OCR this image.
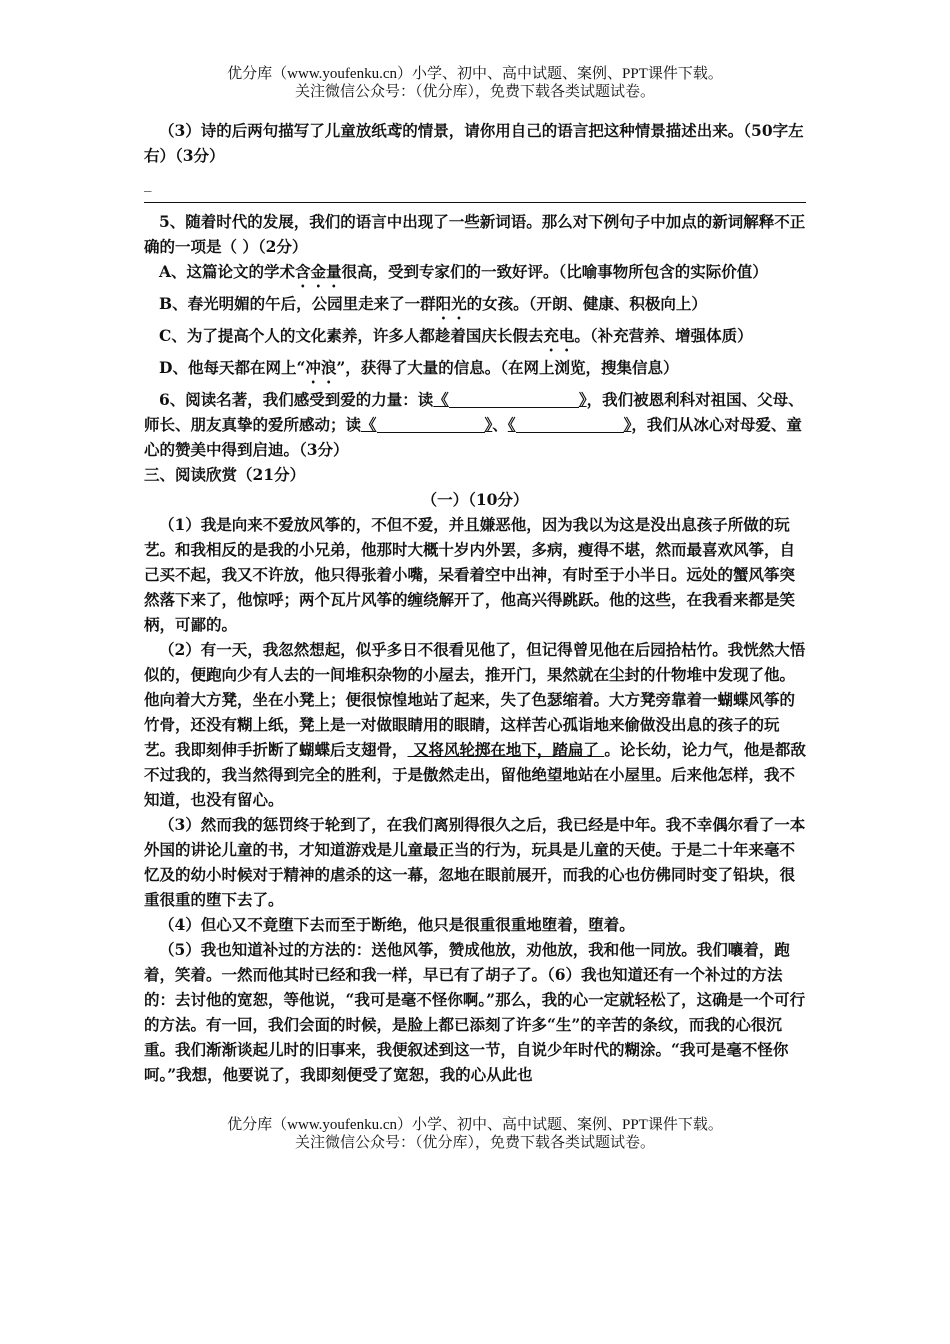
优分库（www.youfenku.cn）小学、初中、高中试题、案例、PPT课件下载。
关注微信公众号：（优分库），免费下载各类试题试卷。

（3）诗的后两句描写了儿童放纸鸢的情景，请你用自己的语言把这种情景描述出来。（50字左右）（3分）

_

5、随着时代的发展，我们的语言中出现了一些新词语。那么对下例句子中加点的新词解释不正确的一项是（ ）（2分）

A、这篇论文的学术含金量很高，受到专家们的一致好评。（比喻事物所包含的实际价值）

B、春光明媚的午后，公园里走来了一群阳光的女孩。（开朗、健康、积极向上）

C、为了提高个人的文化素养，许多人都趁着国庆长假去充电。（补充营养、增强体质）

D、他每天都在网上“冲浪”，获得了大量的信息。（在网上浏览，搜集信息）

6、阅读名著，我们感受到爱的力量：读《	》，我们被恩利科对祖国、父母、师长、朋友真挚的爱所感动；读《	》、《	》，我们从冰心对母爱、童心的赞美中得到启迪。（3分）

三、阅读欣赏（21分）

（一）（10分）

（1）我是向来不爱放风筝的，不但不爱，并且嫌恶他，因为我以为这是没出息孩子所做的玩艺。和我相反的是我的小兄弟，他那时大概十岁内外罢，多病，瘦得不堪，然而最喜欢风筝，自己买不起，我又不许放，他只得张着小嘴，呆看着空中出神，有时至于小半日。远处的蟹风筝突然落下来了，他惊呼；两个瓦片风筝的缠绕解开了，他高兴得跳跃。他的这些，在我看来都是笑柄，可鄙的。

（2）有一天，我忽然想起，似乎多日不很看见他了，但记得曾见他在后园拾枯竹。我恍然大悟似的，便跑向少有人去的一间堆积杂物的小屋去，推开门，果然就在尘封的什物堆中发现了他。他向着大方凳，坐在小凳上；便很惊惶地站了起来，失了色瑟缩着。大方凳旁靠着一蝴蝶风筝的竹骨，还没有糊上纸，凳上是一对做眼睛用的眼睛，这样苦心孤诣地来偷做没出息的孩子的玩艺。我即刻伸手折断了蝴蝶后支翅骨， 又将风轮掷在地下，踏扁了 。论长幼，论力气，他是都敌不过我的，我当然得到完全的胜利，于是傲然走出，留他绝望地站在小屋里。后来他怎样，我不知道，也没有留心。

（3）然而我的惩罚终于轮到了，在我们离别得很久之后，我已经是中年。我不幸偶尔看了一本外国的讲论儿童的书，才知道游戏是儿童最正当的行为，玩具是儿童的天使。于是二十年来毫不忆及的幼小时候对于精神的虐杀的这一幕，忽地在眼前展开，而我的心也仿佛同时变了铅块，很重很重的堕下去了。

（4）但心又不竟堕下去而至于断绝，他只是很重很重地堕着，堕着。

（5）我也知道补过的方法的：送他风筝，赞成他放，劝他放，我和他一同放。我们嚷着，跑着，笑着。一然而他其时已经和我一样，早已有了胡子了。（6）我也知道还有一个补过的方法的：去讨他的宽恕，等他说，“我可是毫不怪你啊。”那么，我的心一定就轻松了，这确是一个可行的方法。有一回，我们会面的时候，是脸上都已添刻了许多“生”的辛苦的条纹，而我的心很沉重。我们渐渐谈起儿时的旧事来，我便叙述到这一节，自说少年时代的糊涂。“我可是毫不怪你呵。”我想，他要说了，我即刻便受了宽恕，我的心从此也

优分库（www.youfenku.cn）小学、初中、高中试题、案例、PPT课件下载。
关注微信公众号：（优分库），免费下载各类试题试卷。
